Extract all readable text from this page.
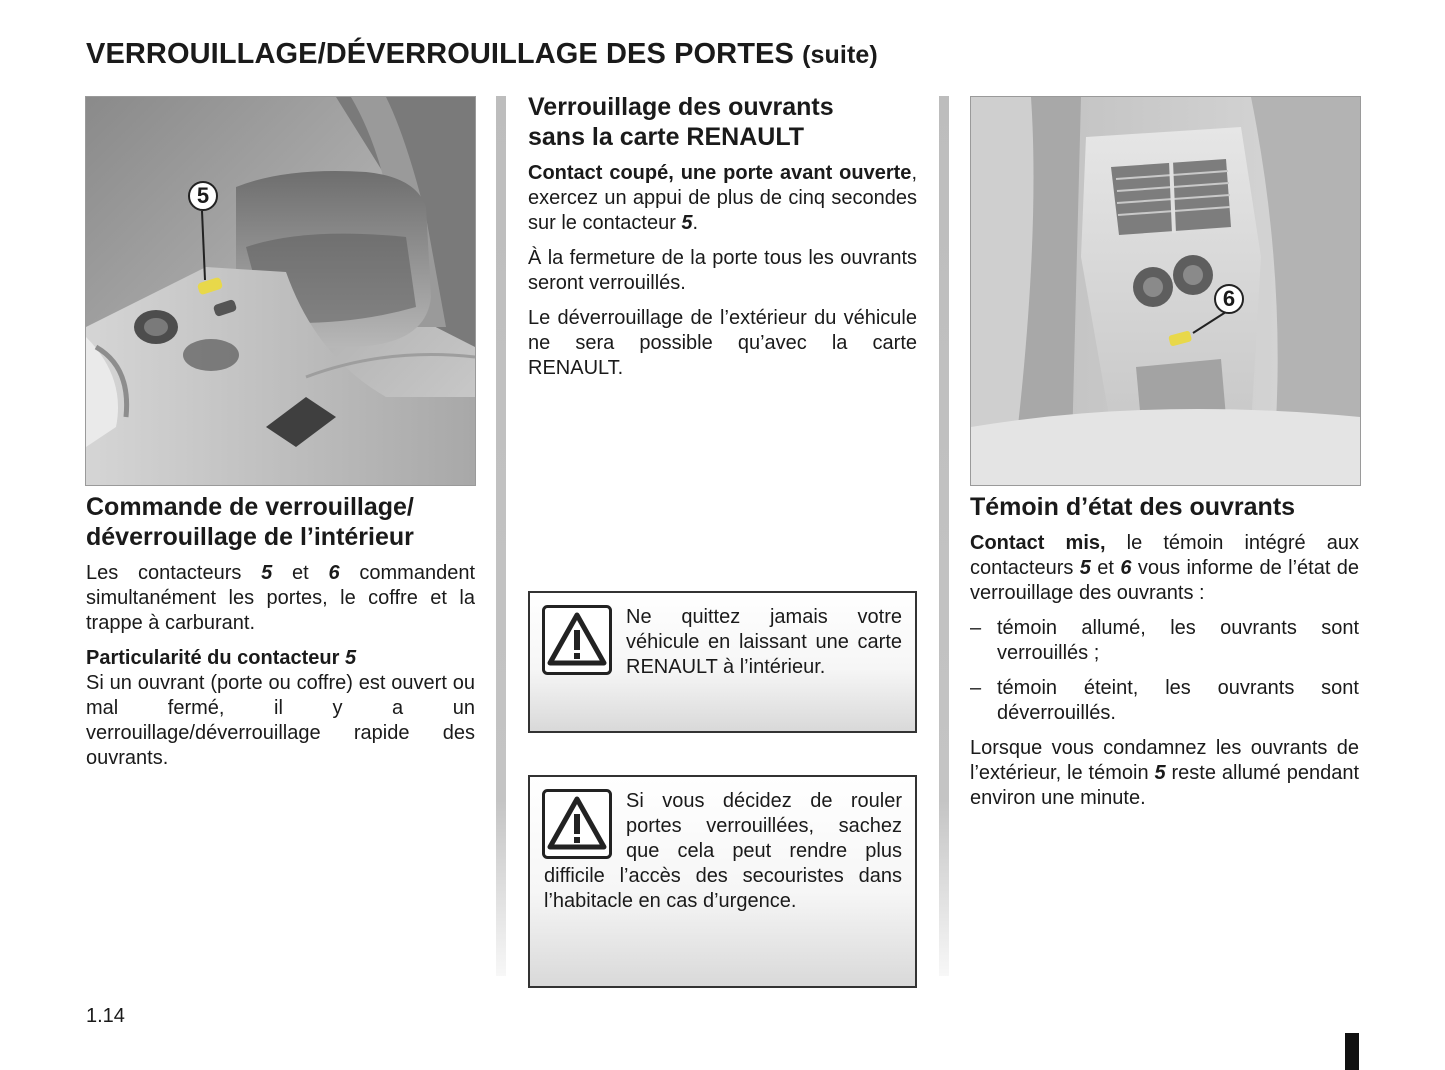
VERROUILLAGE/DÉVERROUILLAGE DES PORTES (suite)
5
6
Commande de verrouillage/
déverrouillage de l’intérieur

Les contacteurs 5 et 6 commandent simultanément les portes, le coffre et la trappe à carburant.

Particularité du contacteur 5

Si un ouvrant (porte ou coffre) est ouvert ou mal fermé, il y a un verrouillage/déverrouillage rapide des ouvrants.

Verrouillage des ouvrants
sans la carte RENAULT

Contact coupé, une porte avant ouverte, exercez un appui de plus de cinq secondes sur le contacteur 5.

À la fermeture de la porte tous les ouvrants seront verrouillés.

Le déverrouillage de l’extérieur du véhicule ne sera possible qu’avec la carte RENAULT.

Ne quittez jamais votre véhicule en laissant une carte RENAULT à l’intérieur.
Si vous décidez de rouler portes verrouillées, sachez que cela peut rendre plus difficile l’accès des secouristes dans l’habitacle en cas d’urgence.
Témoin d’état des ouvrants

Contact mis, le témoin intégré aux contacteurs 5 et 6 vous informe de l’état de verrouillage des ouvrants :

– témoin allumé, les ouvrants sont verrouillés ;
– témoin éteint, les ouvrants sont déverrouillés.

Lorsque vous condamnez les ouvrants de l’extérieur, le témoin 5 reste allumé pendant environ une minute.

1.14
